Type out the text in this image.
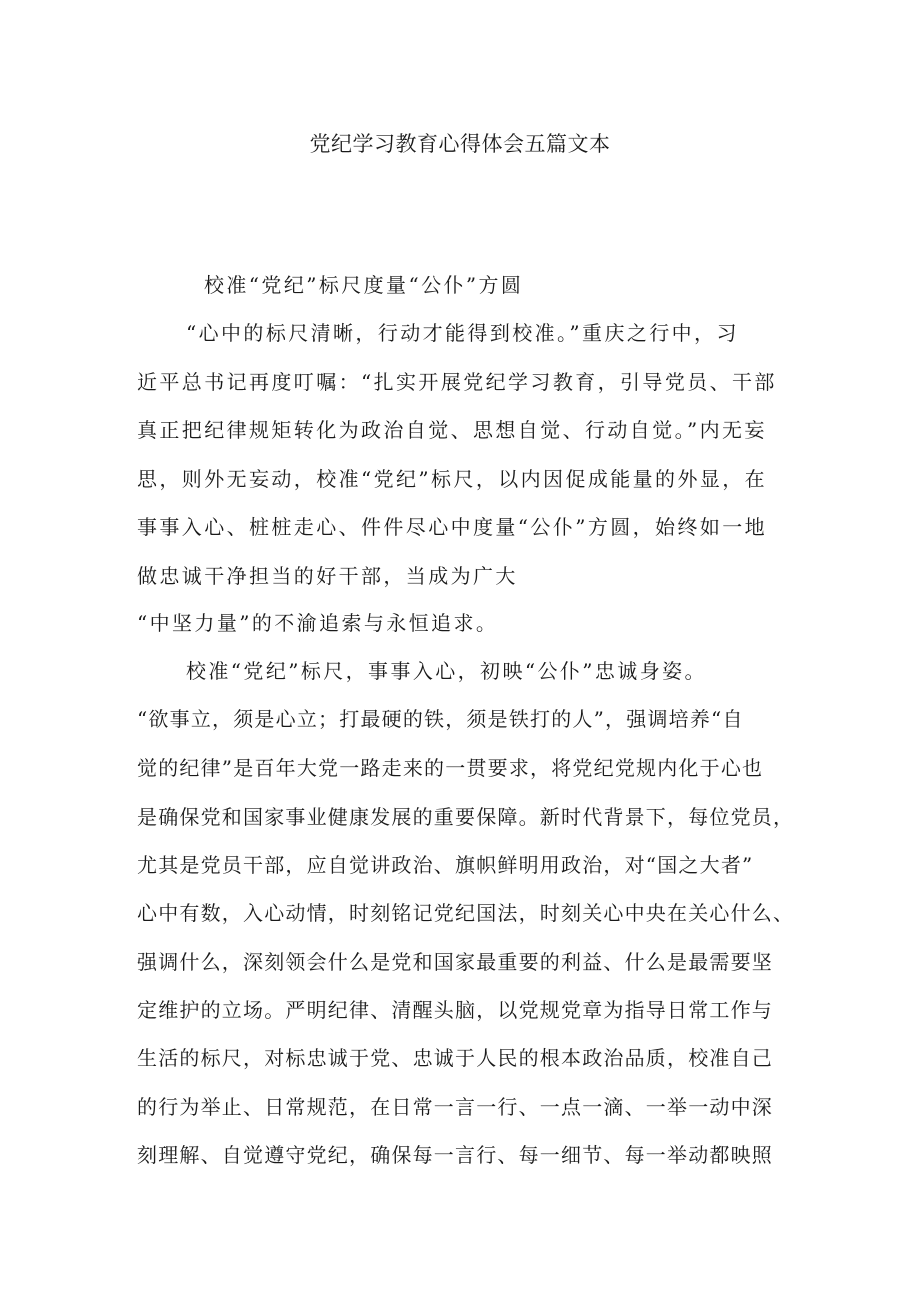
党纪学习教育心得体会五篇文本

校准“党纪”标尺度量“公仆”方圆

“心中的标尺清晰，行动才能得到校准。”重庆之行中，习

近平总书记再度叮嘱：“扎实开展党纪学习教育，引导党员、干部

真正把纪律规矩转化为政治自觉、思想自觉、行动自觉。”内无妄

思，则外无妄动，校准“党纪”标尺，以内因促成能量的外显，在

事事入心、桩桩走心、件件尽心中度量“公仆”方圆，始终如一地

做忠诚干净担当的好干部，当成为广大

“中坚力量”的不渝追索与永恒追求。

校准“党纪”标尺，事事入心，初映“公仆”忠诚身姿。

“欲事立，须是心立；打最硬的铁，须是铁打的人”，强调培养“自

觉的纪律”是百年大党一路走来的一贯要求，将党纪党规内化于心也

是确保党和国家事业健康发展的重要保障。新时代背景下，每位党员，

尤其是党员干部，应自觉讲政治、旗帜鲜明用政治，对“国之大者”

心中有数，入心动情，时刻铭记党纪国法，时刻关心中央在关心什么、

强调什么，深刻领会什么是党和国家最重要的利益、什么是最需要坚

定维护的立场。严明纪律、清醒头脑，以党规党章为指导日常工作与

生活的标尺，对标忠诚于党、忠诚于人民的根本政治品质，校准自己

的行为举止、日常规范，在日常一言一行、一点一滴、一举一动中深

刻理解、自觉遵守党纪，确保每一言行、每一细节、每一举动都映照
